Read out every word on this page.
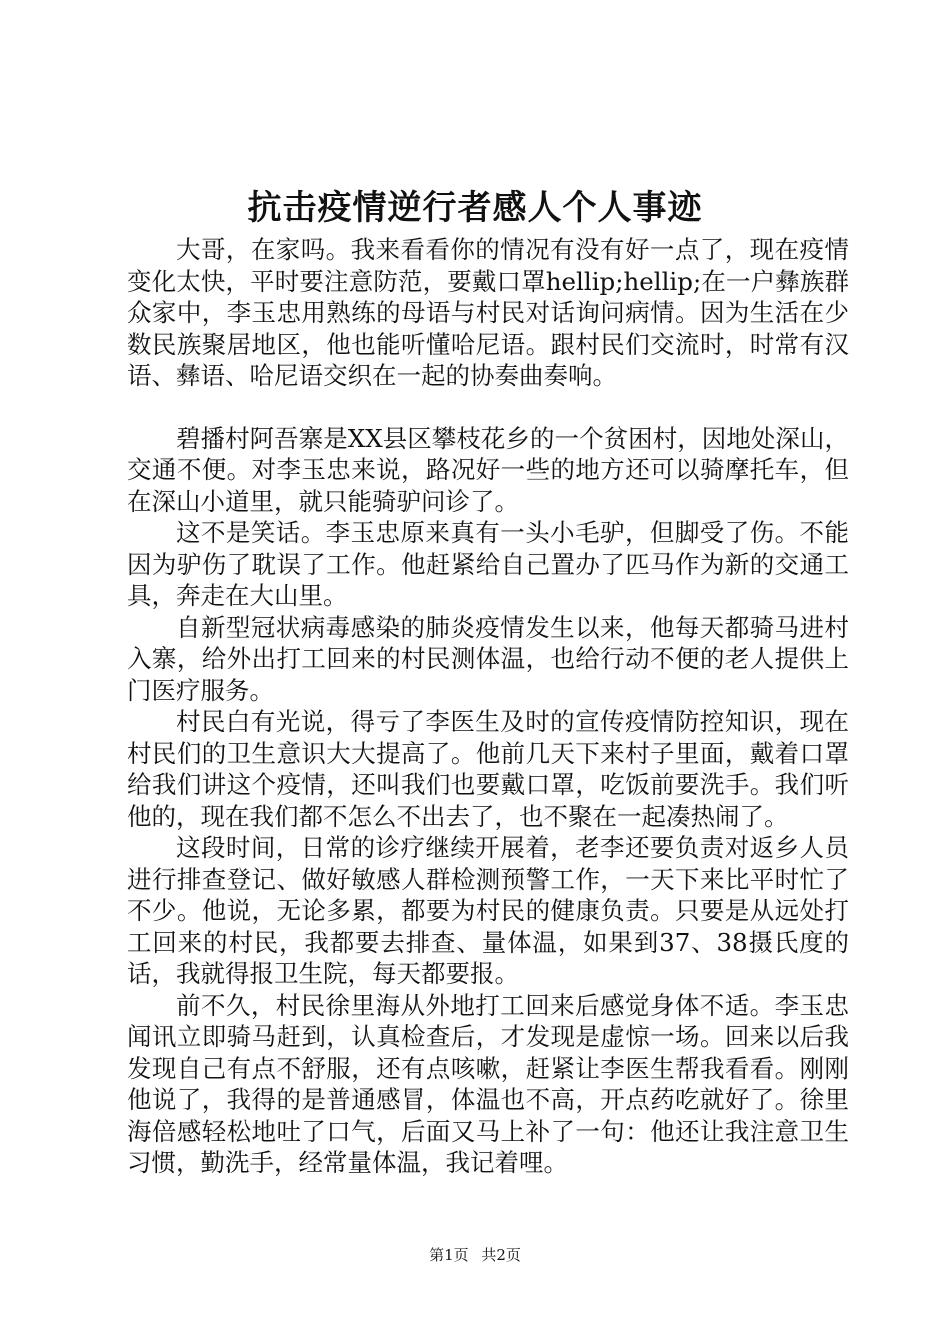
抗击疫情逆行者感人个人事迹

大哥，在家吗。我来看看你的情况有没有好一点了，现在疫情变化太快，平时要注意防范，要戴口罩hellip;hellip;在一户彝族群众家中，李玉忠用熟练的母语与村民对话询问病情。因为生活在少数民族聚居地区，他也能听懂哈尼语。跟村民们交流时，时常有汉语、彝语、哈尼语交织在一起的协奏曲奏响。

碧播村阿吾寨是XX县区攀枝花乡的一个贫困村，因地处深山，交通不便。对李玉忠来说，路况好一些的地方还可以骑摩托车，但在深山小道里，就只能骑驴问诊了。

这不是笑话。李玉忠原来真有一头小毛驴，但脚受了伤。不能因为驴伤了耽误了工作。他赶紧给自己置办了匹马作为新的交通工具，奔走在大山里。

自新型冠状病毒感染的肺炎疫情发生以来，他每天都骑马进村入寨，给外出打工回来的村民测体温，也给行动不便的老人提供上门医疗服务。

村民白有光说，得亏了李医生及时的宣传疫情防控知识，现在村民们的卫生意识大大提高了。他前几天下来村子里面，戴着口罩给我们讲这个疫情，还叫我们也要戴口罩，吃饭前要洗手。我们听他的，现在我们都不怎么不出去了，也不聚在一起凑热闹了。

这段时间，日常的诊疗继续开展着，老李还要负责对返乡人员进行排查登记、做好敏感人群检测预警工作，一天下来比平时忙了不少。他说，无论多累，都要为村民的健康负责。只要是从远处打工回来的村民，我都要去排查、量体温，如果到37、38摄氏度的话，我就得报卫生院，每天都要报。

前不久，村民徐里海从外地打工回来后感觉身体不适。李玉忠闻讯立即骑马赶到，认真检查后，才发现是虚惊一场。回来以后我发现自己有点不舒服，还有点咳嗽，赶紧让李医生帮我看看。刚刚他说了，我得的是普通感冒，体温也不高，开点药吃就好了。徐里海倍感轻松地吐了口气，后面又马上补了一句：他还让我注意卫生习惯，勤洗手，经常量体温，我记着哩。

第1页 共2页
